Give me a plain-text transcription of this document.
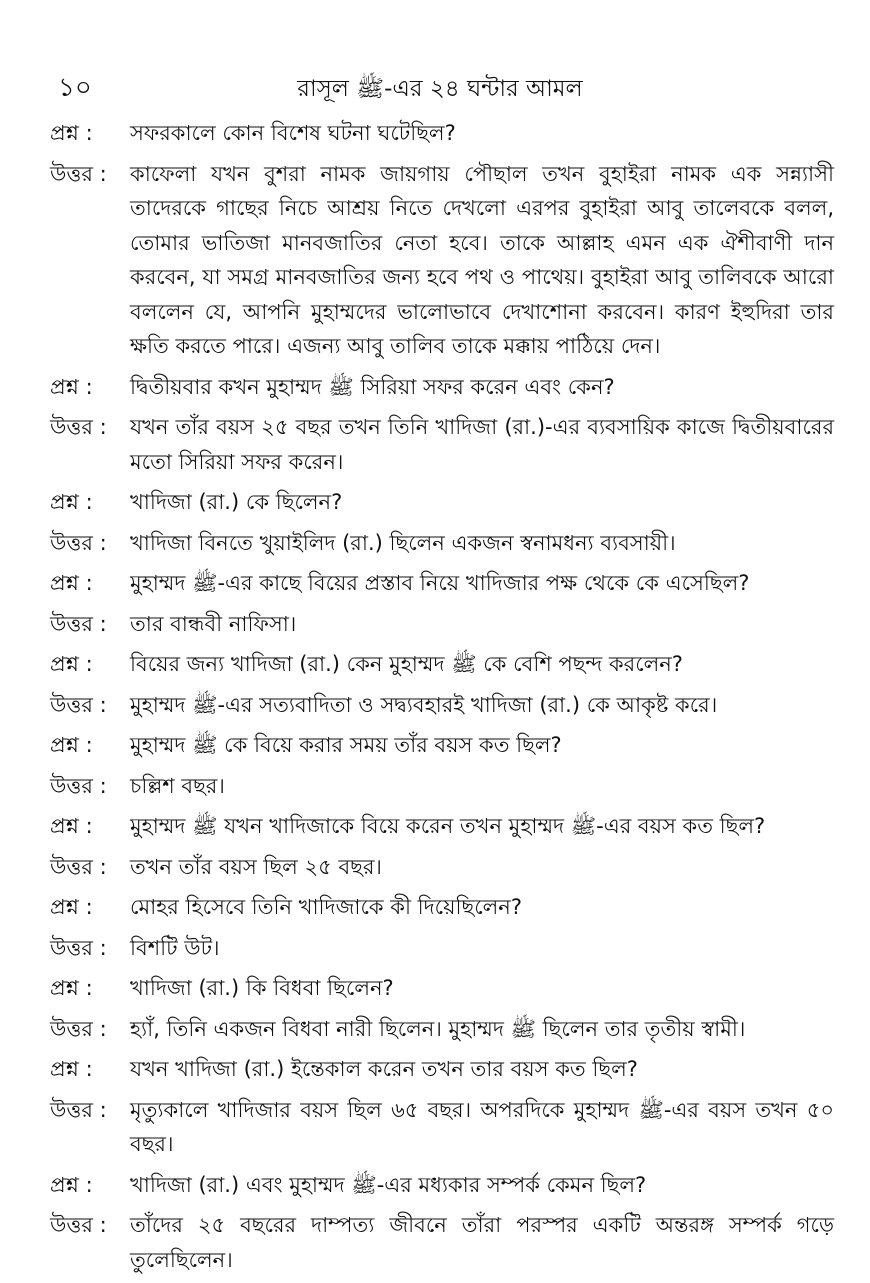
১০	রাসূল ﷺ-এর ২৪ ঘন্টার আমল
প্রশ্ন :	সফরকালে কোন বিশেষ ঘটনা ঘটেছিল?
উত্তর :	কাফেলা যখন বুশরা নামক জায়গায় পৌছাল তখন বুহাইরা নামক এক সন্ন্যাসী তাদেরকে গাছের নিচে আশ্রয় নিতে দেখলো এরপর বুহাইরা আবু তালেবকে বলল, তোমার ভাতিজা মানবজাতির নেতা হবে। তাকে আল্লাহ এমন এক ঐশীবাণী দান করবেন, যা সমগ্র মানবজাতির জন্য হবে পথ ও পাথেয়। বুহাইরা আবু তালিবকে আরো বললেন যে, আপনি মুহাম্মদের ভালোভাবে দেখাশোনা করবেন। কারণ ইহুদিরা তার ক্ষতি করতে পারে। এজন্য আবু তালিব তাকে মক্কায় পাঠিয়ে দেন।
প্রশ্ন :	দ্বিতীয়বার কখন মুহাম্মদ ﷺ সিরিয়া সফর করেন এবং কেন?
উত্তর :	যখন তাঁর বয়স ২৫ বছর তখন তিনি খাদিজা (রা.)-এর ব্যবসায়িক কাজে দ্বিতীয়বারের মতো সিরিয়া সফর করেন।
প্রশ্ন :	খাদিজা (রা.) কে ছিলেন?
উত্তর :	খাদিজা বিনতে খুয়াইলিদ (রা.) ছিলেন একজন স্বনামধন্য ব্যবসায়ী।
প্রশ্ন :	মুহাম্মদ ﷺ-এর কাছে বিয়ের প্রস্তাব নিয়ে খাদিজার পক্ষ থেকে কে এসেছিল?
উত্তর :	তার বান্ধবী নাফিসা।
প্রশ্ন :	বিয়ের জন্য খাদিজা (রা.) কেন মুহাম্মদ ﷺ কে বেশি পছন্দ করলেন?
উত্তর :	মুহাম্মদ ﷺ-এর সত্যবাদিতা ও সদ্ব্যবহারই খাদিজা (রা.) কে আকৃষ্ট করে।
প্রশ্ন :	মুহাম্মদ ﷺ কে বিয়ে করার সময় তাঁর বয়স কত ছিল?
উত্তর :	চল্লিশ বছর।
প্রশ্ন :	মুহাম্মদ ﷺ যখন খাদিজাকে বিয়ে করেন তখন মুহাম্মদ ﷺ-এর বয়স কত ছিল?
উত্তর :	তখন তাঁর বয়স ছিল ২৫ বছর।
প্রশ্ন :	মোহর হিসেবে তিনি খাদিজাকে কী দিয়েছিলেন?
উত্তর :	বিশটি উট।
প্রশ্ন :	খাদিজা (রা.) কি বিধবা ছিলেন?
উত্তর :	হ্যাঁ, তিনি একজন বিধবা নারী ছিলেন। মুহাম্মদ ﷺ ছিলেন তার তৃতীয় স্বামী।
প্রশ্ন :	যখন খাদিজা (রা.) ইন্তেকাল করেন তখন তার বয়স কত ছিল?
উত্তর :	মৃত্যুকালে খাদিজার বয়স ছিল ৬৫ বছর। অপরদিকে মুহাম্মদ ﷺ-এর বয়স তখন ৫০ বছর।
প্রশ্ন :	খাদিজা (রা.) এবং মুহাম্মদ ﷺ-এর মধ্যকার সম্পর্ক কেমন ছিল?
উত্তর :	তাঁদের ২৫ বছরের দাম্পত্য জীবনে তাঁরা পরস্পর একটি অন্তরঙ্গ সম্পর্ক গড়ে তুলেছিলেন।
